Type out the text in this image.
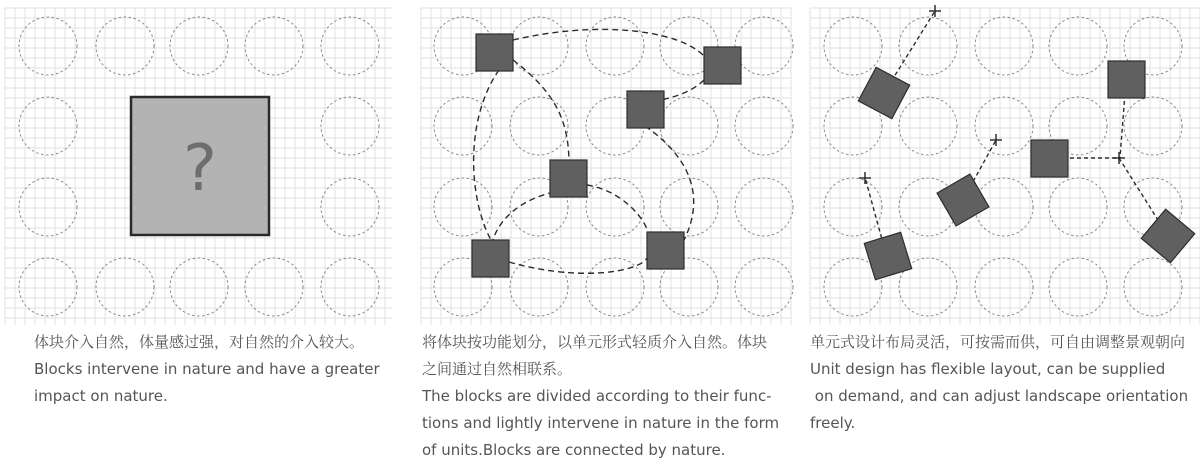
?
体块介入自然，体量感过强，对自然的介入较大。
Blocks intervene in nature and have a greater
impact on nature.
将体块按功能划分，以单元形式轻质介入自然。体块
之间通过自然相联系。
The blocks are divided according to their func-
tions and lightly intervene in nature in the form
of units.Blocks are connected by nature.
单元式设计布局灵活，可按需而供，可自由调整景观朝向
Unit design has flexible layout, can be supplied
on demand, and can adjust landscape orientation
freely.
